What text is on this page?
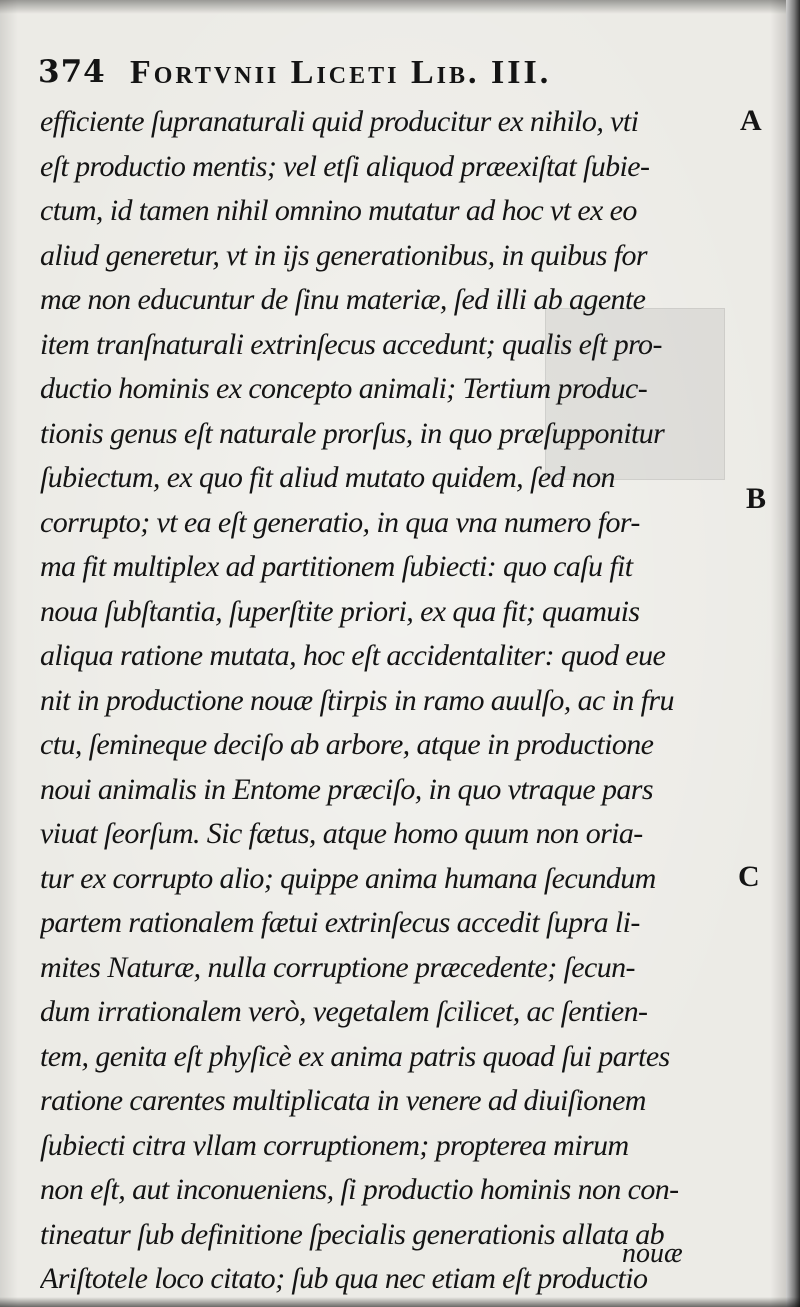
374 Fortvnii Liceti Lib. III.
efficiente ſupranaturali quid producitur ex nihilo, vti
eſt productio mentis; vel etſi aliquod præexiſtat ſubie-
ctum, id tamen nihil omnino mutatur ad hoc vt ex eo
aliud generetur, vt in ijs generationibus, in quibus for
mæ non educuntur de ſinu materiæ, ſed illi ab agente
item tranſnaturali extrinſecus accedunt; qualis eſt pro-
ductio hominis ex concepto animali; Tertium produc-
tionis genus eſt naturale prorſus, in quo præſupponitur
ſubiectum, ex quo fit aliud mutato quidem, ſed non
corrupto; vt ea eſt generatio, in qua vna numero for-
ma fit multiplex ad partitionem ſubiecti: quo caſu fit
noua ſubſtantia, ſuperſtite priori, ex qua fit; quamuis
aliqua ratione mutata, hoc eſt accidentaliter: quod eue
nit in productione nouæ ſtirpis in ramo auulſo, ac in fru
ctu, ſemineque deciſo ab arbore, atque in productione
noui animalis in Entome præciſo, in quo vtraque pars
viuat ſeorſum. Sic fætus, atque homo quum non oria-
tur ex corrupto alio; quippe anima humana ſecundum
partem rationalem fætui extrinſecus accedit ſupra li-
mites Naturæ, nulla corruptione præcedente; ſecun-
dum irrationalem verò, vegetalem ſcilicet, ac ſentien-
tem, genita eſt phyſicè ex anima patris quoad ſui partes
ratione carentes multiplicata in venere ad diuiſionem
ſubiecti citra vllam corruptionem; propterea mirum
non eſt, aut inconueniens, ſi productio hominis non con-
tineatur ſub definitione ſpecialis generationis allata ab
Ariſtotele loco citato; ſub qua nec etiam eſt productio
A
B
C
nouæ
